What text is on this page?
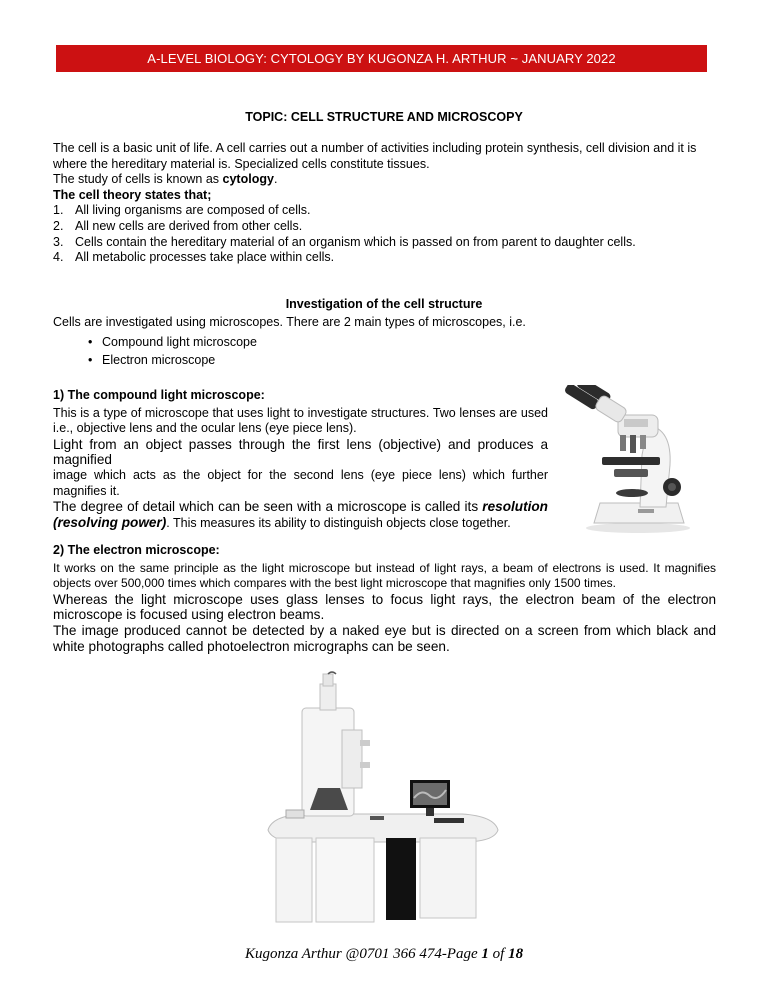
A-LEVEL BIOLOGY: CYTOLOGY BY KUGONZA H. ARTHUR ~ JANUARY 2022
TOPIC: CELL STRUCTURE AND MICROSCOPY

The cell is a basic unit of life. A cell carries out a number of activities including protein synthesis, cell division and it is where the hereditary material is. Specialized cells constitute tissues.

The study of cells is known as cytology.

The cell theory states that;

1. All living organisms are composed of cells.
2. All new cells are derived from other cells.
3. Cells contain the hereditary material of an organism which is passed on from parent to daughter cells.
4. All metabolic processes take place within cells.
Investigation of the cell structure
Cells are investigated using microscopes. There are 2 main types of microscopes, i.e.
• Compound light microscope
• Electron microscope

1) The compound light microscope:

This is a type of microscope that uses light to investigate structures. Two lenses are used i.e., objective lens and the ocular lens (eye piece lens).

Light from an object passes through the first lens (objective) and produces a magnified

image which acts as the object for the second lens (eye piece lens) which further magnifies it.

The degree of detail which can be seen with a microscope is called its resolution (resolving power). This measures its ability to distinguish objects close together.

2) The electron microscope:

It works on the same principle as the light microscope but instead of light rays, a beam of electrons is used. It magnifies objects over 500,000 times which compares with the best light microscope that magnifies only 1500 times.

Whereas the light microscope uses glass lenses to focus light rays, the electron beam of the electron microscope is focused using electron beams.

The image produced cannot be detected by a naked eye but is directed on a screen from which black and white photographs called photoelectron micrographs can be seen.

Kugonza Arthur @0701 366 474-Page 1 of 18
